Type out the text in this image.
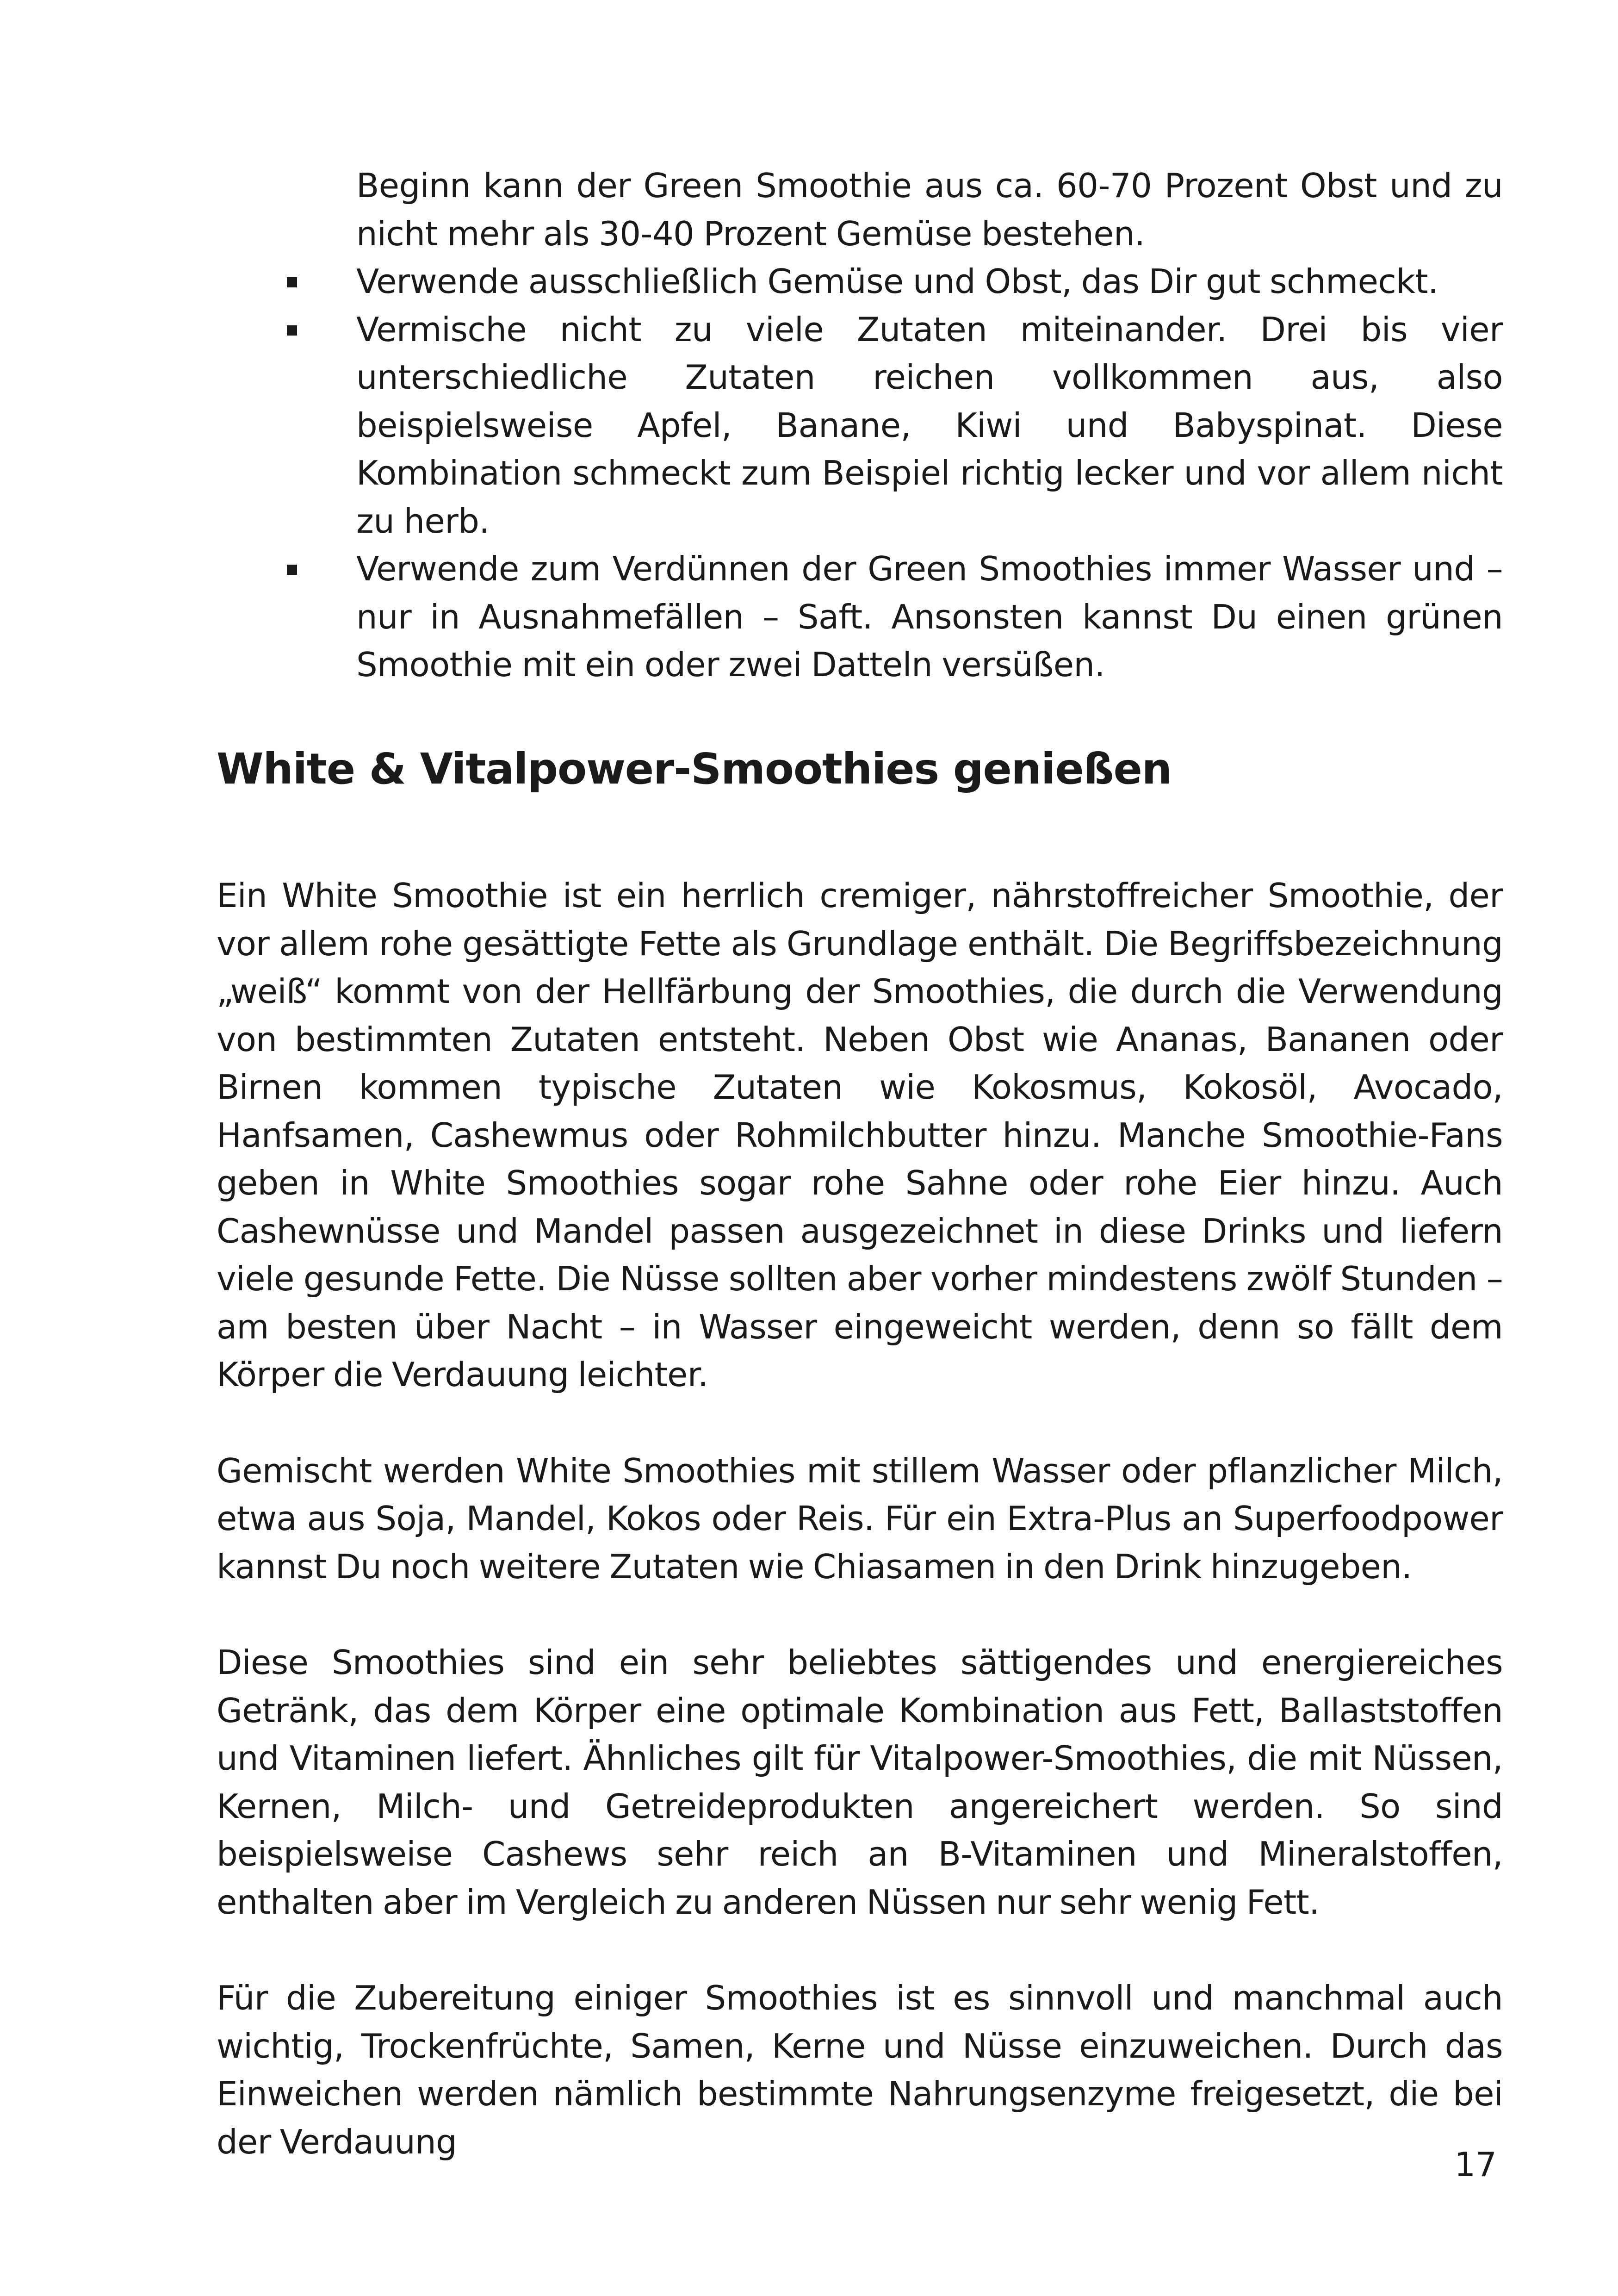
Beginn kann der Green Smoothie aus ca. 60-70 Prozent Obst und zu nicht mehr als 30-40 Prozent Gemüse bestehen.
Verwende ausschließlich Gemüse und Obst, das Dir gut schmeckt.
Vermische nicht zu viele Zutaten miteinander. Drei bis vier unterschiedliche Zutaten reichen vollkommen aus, also beispielsweise Apfel, Banane, Kiwi und Babyspinat. Diese Kombination schmeckt zum Beispiel richtig lecker und vor allem nicht zu herb.
Verwende zum Verdünnen der Green Smoothies immer Wasser und – nur in Ausnahmefällen – Saft. Ansonsten kannst Du einen grünen Smoothie mit ein oder zwei Datteln versüßen.
White & Vitalpower-Smoothies genießen

Ein White Smoothie ist ein herrlich cremiger, nährstoffreicher Smoothie, der vor allem rohe gesättigte Fette als Grundlage enthält. Die Begriffsbezeichnung „weiß“ kommt von der Hellfärbung der Smoothies, die durch die Verwendung von bestimmten Zutaten entsteht. Neben Obst wie Ananas, Bananen oder Birnen kommen typische Zutaten wie Kokosmus, Kokosöl, Avocado, Hanfsamen, Cashewmus oder Rohmilchbutter hinzu. Manche Smoothie-Fans geben in White Smoothies sogar rohe Sahne oder rohe Eier hinzu. Auch Cashewnüsse und Mandel passen ausgezeichnet in diese Drinks und liefern viele gesunde Fette. Die Nüsse sollten aber vorher mindestens zwölf Stunden – am besten über Nacht – in Wasser eingeweicht werden, denn so fällt dem Körper die Verdauung leichter.

Gemischt werden White Smoothies mit stillem Wasser oder pflanzlicher Milch, etwa aus Soja, Mandel, Kokos oder Reis. Für ein Extra-Plus an Superfoodpower kannst Du noch weitere Zutaten wie Chiasamen in den Drink hinzugeben.

Diese Smoothies sind ein sehr beliebtes sättigendes und energiereiches Getränk, das dem Körper eine optimale Kombination aus Fett, Ballaststoffen und Vitaminen liefert. Ähnliches gilt für Vitalpower-Smoothies, die mit Nüssen, Kernen, Milch- und Getreideprodukten angereichert werden. So sind beispielsweise Cashews sehr reich an B-Vitaminen und Mineralstoffen, enthalten aber im Vergleich zu anderen Nüssen nur sehr wenig Fett.

Für die Zubereitung einiger Smoothies ist es sinnvoll und manchmal auch wichtig, Trockenfrüchte, Samen, Kerne und Nüsse einzuweichen. Durch das Einweichen werden nämlich bestimmte Nahrungsenzyme freigesetzt, die bei der Verdauung

17
